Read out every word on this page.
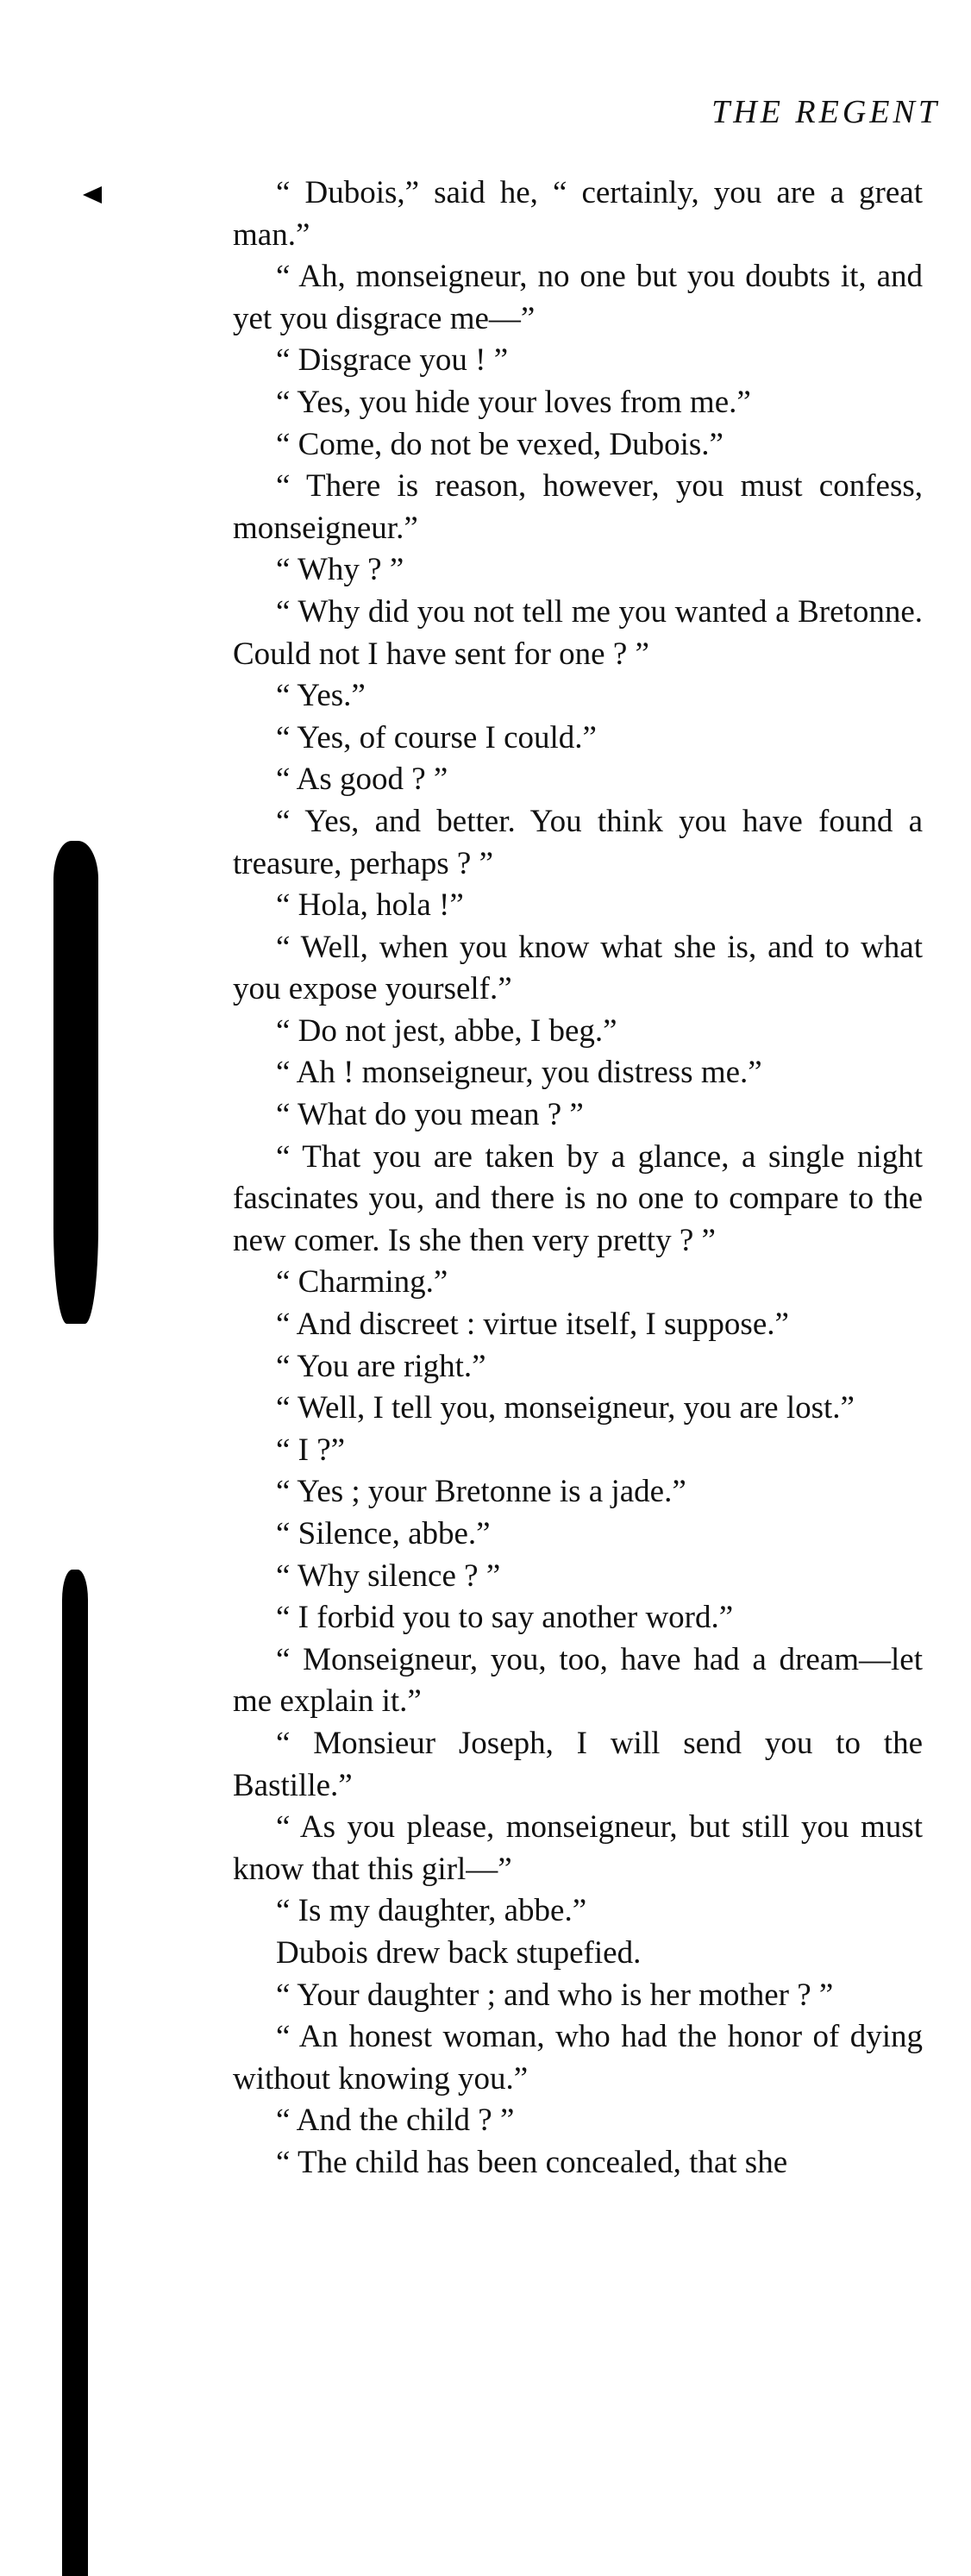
THE REGENT

“ Dubois,” said he, “ certainly, you are a great man.”

“ Ah, monseigneur, no one but you doubts it, and yet you disgrace me—”

“ Disgrace you ! ”

“ Yes, you hide your loves from me.”

“ Come, do not be vexed, Dubois.”

“ There is reason, however, you must confess, monseigneur.”

“ Why ? ”

“ Why did you not tell me you wanted a Bretonne. Could not I have sent for one ? ”

“ Yes.”

“ Yes, of course I could.”

“ As good ? ”

“ Yes, and better. You think you have found a treasure, perhaps ? ”

“ Hola, hola !”

“ Well, when you know what she is, and to what you expose yourself.”

“ Do not jest, abbe, I beg.”

“ Ah ! monseigneur, you distress me.”

“ What do you mean ? ”

“ That you are taken by a glance, a single night fascinates you, and there is no one to compare to the new comer. Is she then very pretty ? ”

“ Charming.”

“ And discreet : virtue itself, I suppose.”

“ You are right.”

“ Well, I tell you, monseigneur, you are lost.”

“ I ?”

“ Yes ; your Bretonne is a jade.”

“ Silence, abbe.”

“ Why silence ? ”

“ I forbid you to say another word.”

“ Monseigneur, you, too, have had a dream—let me explain it.”

“ Monsieur Joseph, I will send you to the Bastille.”

“ As you please, monseigneur, but still you must know that this girl—”

“ Is my daughter, abbe.”

Dubois drew back stupefied.

“ Your daughter ; and who is her mother ? ”

“ An honest woman, who had the honor of dying without knowing you.”

“ And the child ? ”

“ The child has been concealed, that she
